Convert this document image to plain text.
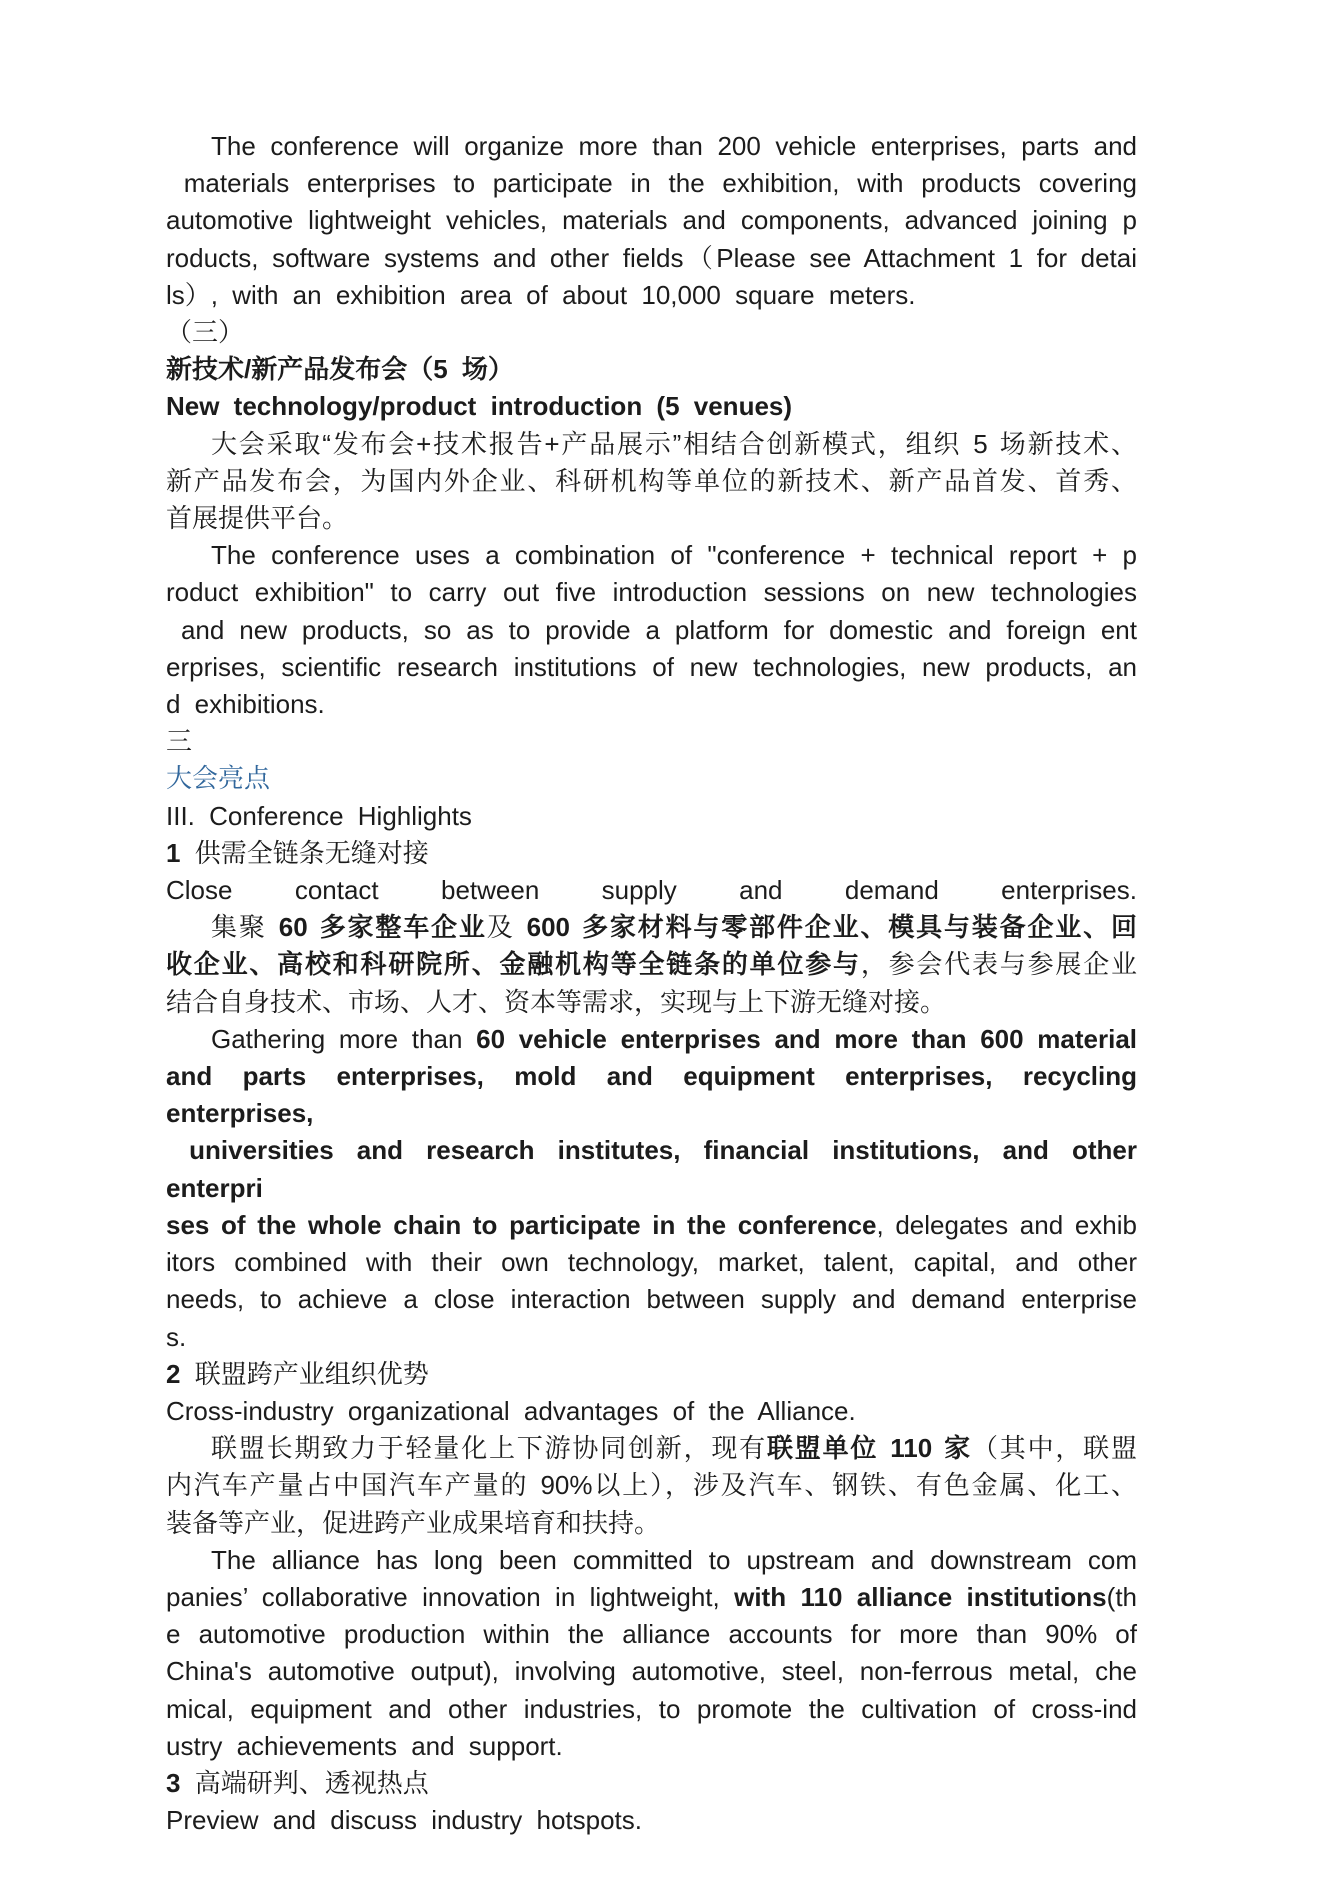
The conference will organize more than 200 vehicle enterprises, parts and
materials enterprises to participate in the exhibition, with products covering
automotive lightweight vehicles, materials and components, advanced joining p
roducts, software systems and other fields（Please see Attachment 1 for detai
ls）, with an exhibition area of about 10,000 square meters.
（三）
新技术/新产品发布会（5 场）
New technology/product introduction (5 venues)
大会采取“发布会+技术报告+产品展示”相结合创新模式，组织 5 场新技术、
新产品发布会，为国内外企业、科研机构等单位的新技术、新产品首发、首秀、
首展提供平台。
The conference uses a combination of "conference + technical report + p
roduct exhibition" to carry out five introduction sessions on new technologies
and new products, so as to provide a platform for domestic and foreign ent
erprises, scientific research institutions of new technologies, new products, an
d exhibitions.
三
大会亮点
III. Conference Highlights
1 供需全链条无缝对接
Close contact between supply and demand enterprises.
集聚 60 多家整车企业及 600 多家材料与零部件企业、模具与装备企业、回
收企业、高校和科研院所、金融机构等全链条的单位参与，参会代表与参展企业
结合自身技术、市场、人才、资本等需求，实现与上下游无缝对接。
Gathering more than 60 vehicle enterprises and more than 600 material
and parts enterprises, mold and equipment enterprises, recycling enterprises,
universities and research institutes, financial institutions, and other enterpri
ses of the whole chain to participate in the conference, delegates and exhib
itors combined with their own technology, market, talent, capital, and other
needs, to achieve a close interaction between supply and demand enterprise
s.
2 联盟跨产业组织优势
Cross-industry organizational advantages of the Alliance.
联盟长期致力于轻量化上下游协同创新，现有联盟单位 110 家（其中，联盟
内汽车产量占中国汽车产量的 90%以上），涉及汽车、钢铁、有色金属、化工、
装备等产业，促进跨产业成果培育和扶持。
The alliance has long been committed to upstream and downstream com
panies’ collaborative innovation in lightweight, with 110 alliance institutions(th
e automotive production within the alliance accounts for more than 90% of
China's automotive output), involving automotive, steel, non-ferrous metal, che
mical, equipment and other industries, to promote the cultivation of cross-ind
ustry achievements and support.
3 高端研判、透视热点
Preview and discuss industry hotspots.
